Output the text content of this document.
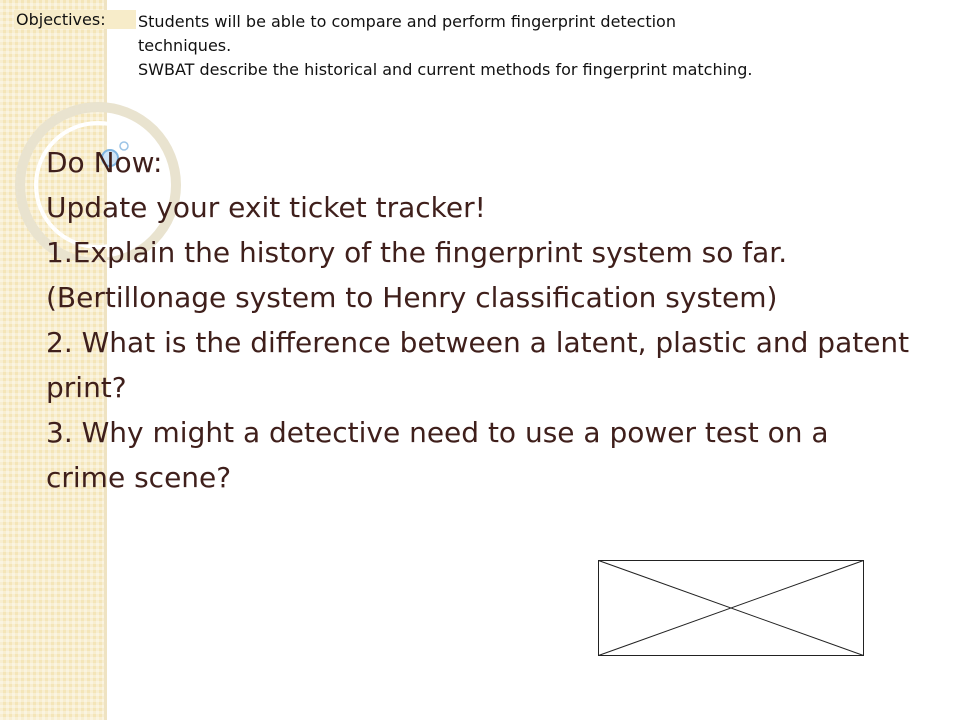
Objectives:	Students will be able to compare and perform fingerprint detection
techniques.
SWBAT describe the historical and current methods for fingerprint matching.
Do Now:
Update your exit ticket tracker!
1.Explain the history of the fingerprint system so far.
(Bertillonage system to Henry classification system)
2. What is the difference between a latent, plastic and patent
print?
3. Why might a detective need to use a power test on a
crime scene?
